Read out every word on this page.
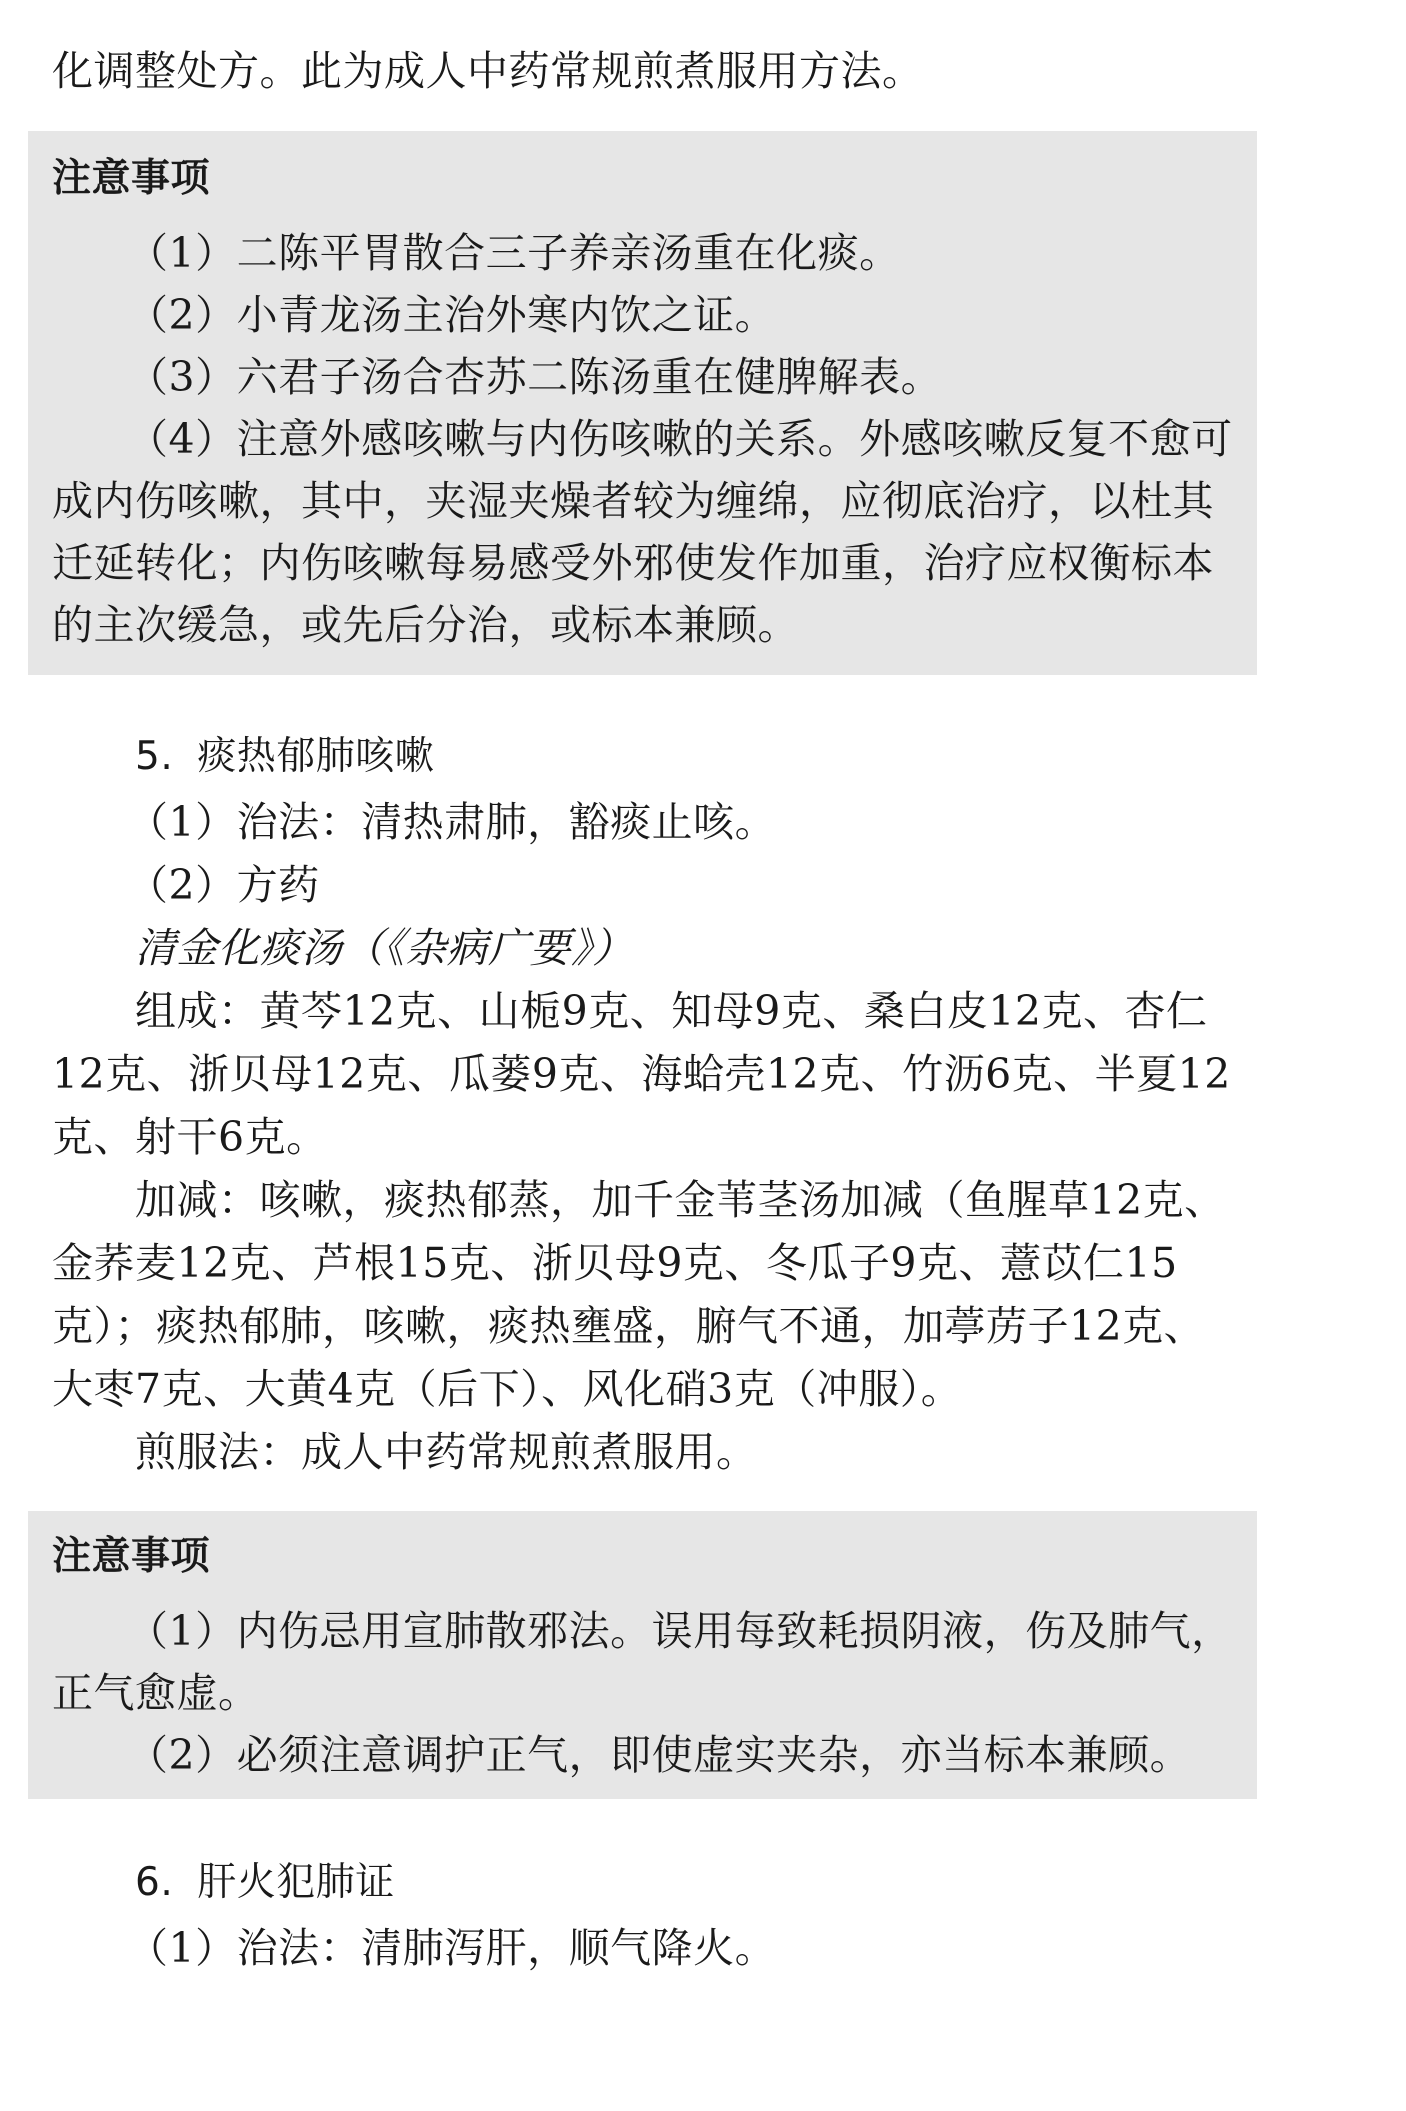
化调整处方。此为成人中药常规煎煮服用方法。
注意事项
（1）二陈平胃散合三子养亲汤重在化痰。
（2）小青龙汤主治外寒内饮之证。
（3）六君子汤合杏苏二陈汤重在健脾解表。
（4）注意外感咳嗽与内伤咳嗽的关系。外感咳嗽反复不愈可
成内伤咳嗽，其中，夹湿夹燥者较为缠绵，应彻底治疗，以杜其
迁延转化；内伤咳嗽每易感受外邪使发作加重，治疗应权衡标本
的主次缓急，或先后分治，或标本兼顾。
5. 痰热郁肺咳嗽
（1）治法：清热肃肺，豁痰止咳。
（2）方药
清金化痰汤（《杂病广要》）
组成：黄芩12克、山栀9克、知母9克、桑白皮12克、杏仁
12克、浙贝母12克、瓜蒌9克、海蛤壳12克、竹沥6克、半夏12
克、射干6克。
加减：咳嗽，痰热郁蒸，加千金苇茎汤加减（鱼腥草12克、
金荞麦12克、芦根15克、浙贝母9克、冬瓜子9克、薏苡仁15
克）；痰热郁肺，咳嗽，痰热壅盛，腑气不通，加葶苈子12克、
大枣7克、大黄4克（后下）、风化硝3克（冲服）。
煎服法：成人中药常规煎煮服用。
注意事项
（1）内伤忌用宣肺散邪法。误用每致耗损阴液，伤及肺气，
正气愈虚。
（2）必须注意调护正气，即使虚实夹杂，亦当标本兼顾。
6. 肝火犯肺证
（1）治法：清肺泻肝，顺气降火。
